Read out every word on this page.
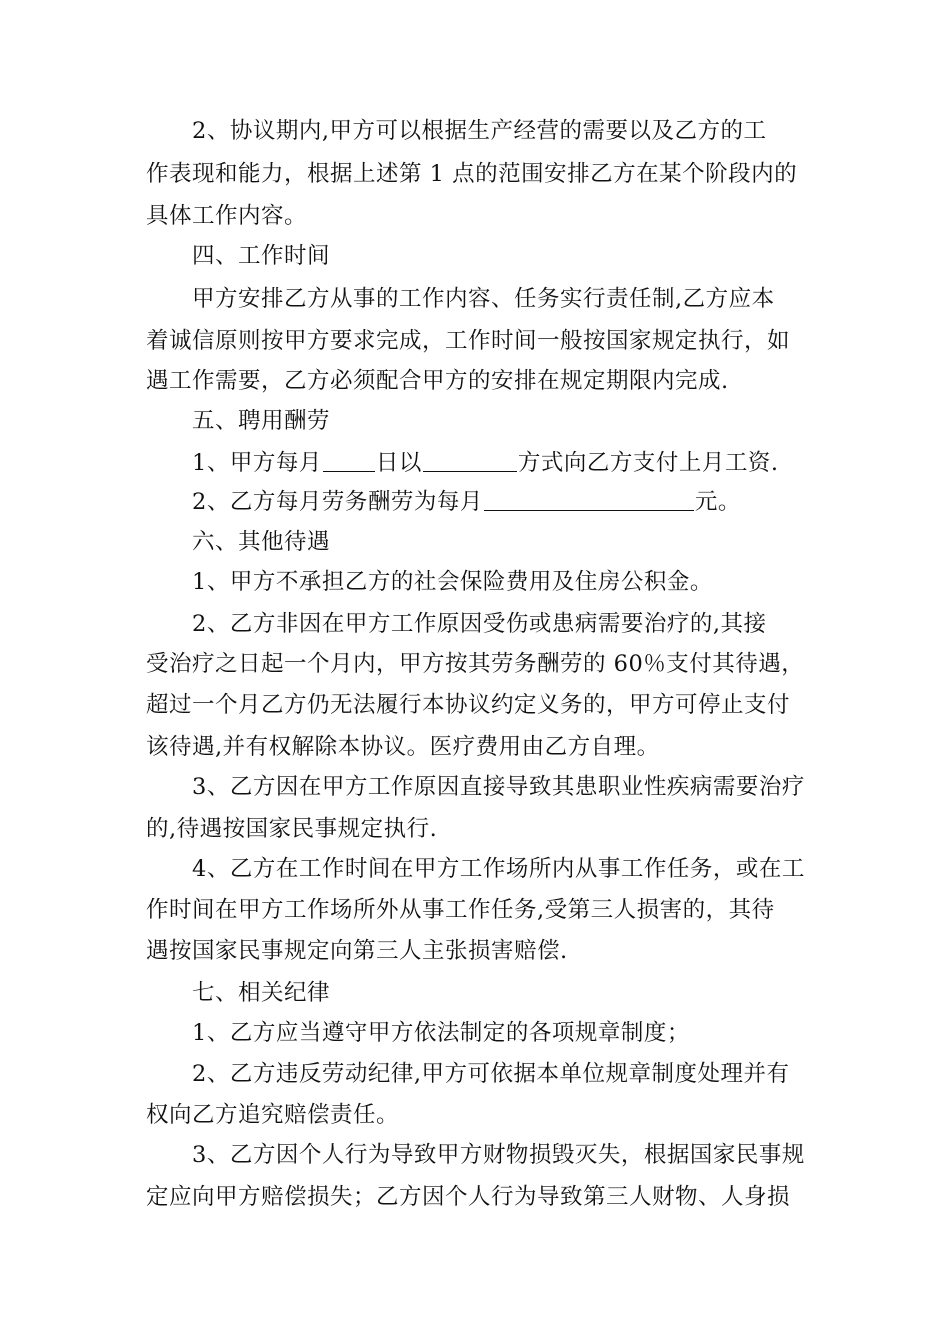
2、协议期内,甲方可以根据生产经营的需要以及乙方的工
作表现和能力，根据上述第 1 点的范围安排乙方在某个阶段内的
具体工作内容。
四、工作时间
甲方安排乙方从事的工作内容、任务实行责任制,乙方应本
着诚信原则按甲方要求完成，工作时间一般按国家规定执行，如
遇工作需要，乙方必须配合甲方的安排在规定期限内完成.
五、聘用酬劳
1、甲方每月 日以	方式向乙方支付上月工资.
2、乙方每月劳务酬劳为每月	元。
六、其他待遇
1、甲方不承担乙方的社会保险费用及住房公积金。
2、乙方非因在甲方工作原因受伤或患病需要治疗的,其接
受治疗之日起一个月内，甲方按其劳务酬劳的 60％支付其待遇，
超过一个月乙方仍无法履行本协议约定义务的，甲方可停止支付
该待遇,并有权解除本协议。医疗费用由乙方自理。
3、乙方因在甲方工作原因直接导致其患职业性疾病需要治疗
的,待遇按国家民事规定执行.
4、乙方在工作时间在甲方工作场所内从事工作任务，或在工
作时间在甲方工作场所外从事工作任务,受第三人损害的，其待
遇按国家民事规定向第三人主张损害赔偿.
七、相关纪律
1、乙方应当遵守甲方依法制定的各项规章制度；
2、乙方违反劳动纪律,甲方可依据本单位规章制度处理并有
权向乙方追究赔偿责任。
3、乙方因个人行为导致甲方财物损毁灭失，根据国家民事规
定应向甲方赔偿损失；乙方因个人行为导致第三人财物、人身损
